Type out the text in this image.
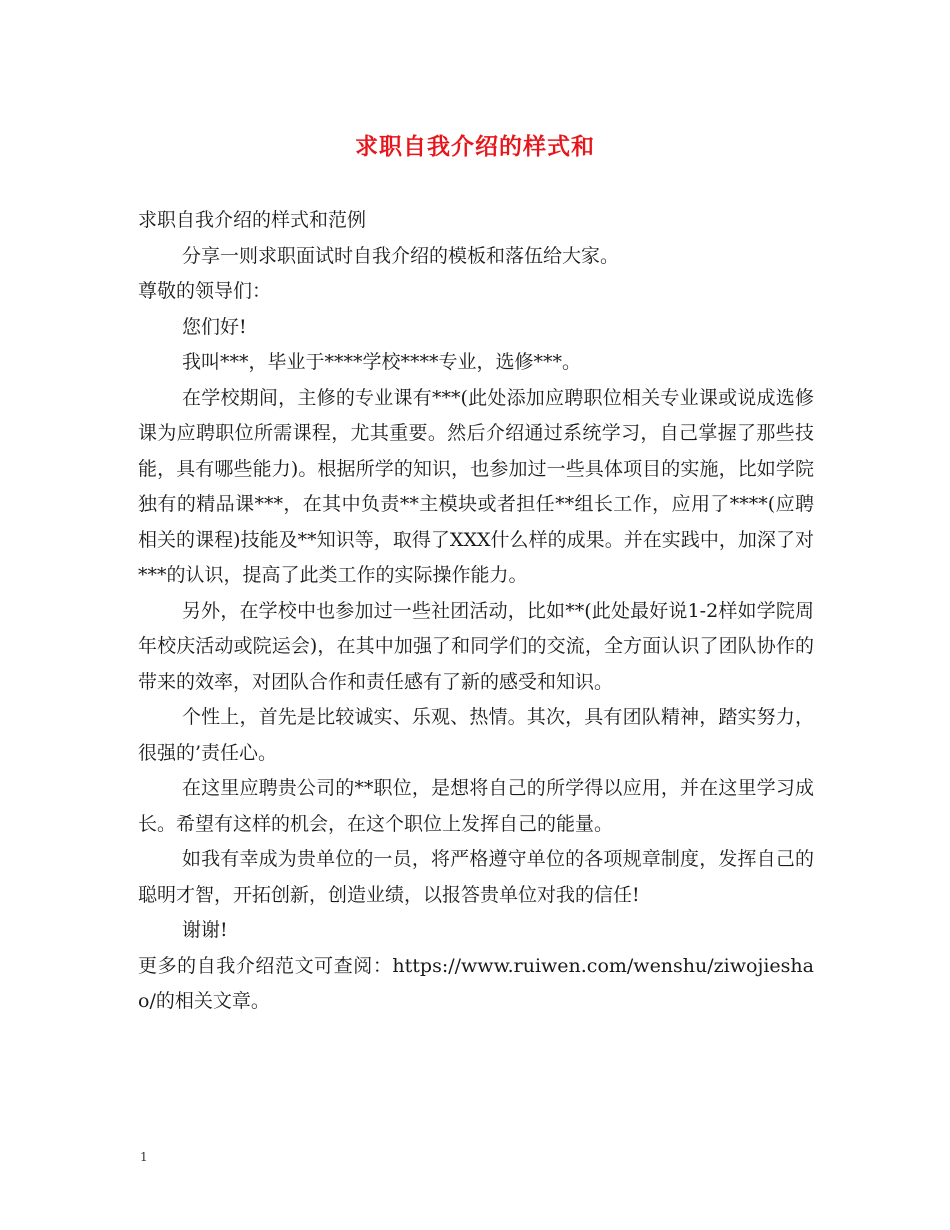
求职自我介绍的样式和

求职自我介绍的样式和范例

分享一则求职面试时自我介绍的模板和落伍给大家。

尊敬的领导们：

您们好!

我叫***，毕业于****学校****专业，选修***。

在学校期间，主修的专业课有***(此处添加应聘职位相关专业课或说成选修课为应聘职位所需课程，尤其重要。然后介绍通过系统学习，自己掌握了那些技能，具有哪些能力)。根据所学的知识，也参加过一些具体项目的实施，比如学院独有的精品课***，在其中负责**主模块或者担任**组长工作，应用了****(应聘相关的课程)技能及**知识等，取得了XXX什么样的成果。并在实践中，加深了对***的认识，提高了此类工作的实际操作能力。

另外，在学校中也参加过一些社团活动，比如**(此处最好说1-2样如学院周年校庆活动或院运会)，在其中加强了和同学们的交流，全方面认识了团队协作的带来的效率，对团队合作和责任感有了新的感受和知识。

个性上，首先是比较诚实、乐观、热情。其次，具有团队精神，踏实努力，很强的’责任心。

在这里应聘贵公司的**职位，是想将自己的所学得以应用，并在这里学习成长。希望有这样的机会，在这个职位上发挥自己的能量。

如我有幸成为贵单位的一员，将严格遵守单位的各项规章制度，发挥自己的聪明才智，开拓创新，创造业绩，以报答贵单位对我的信任!

谢谢!

更多的自我介绍范文可查阅：https://www.ruiwen.com/wenshu/ziwojieshao/的相关文章。

1
